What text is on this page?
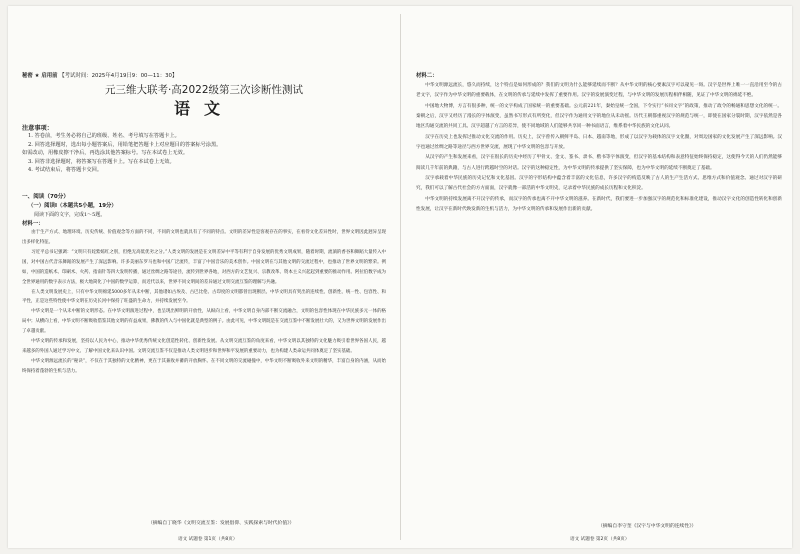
秘密 ★ 启用前 【考试时间：2025年4月19日9：00—11：30】
元三维大联考·高2022级第三次诊断性测试
语文
注意事项：

1. 答卷前，考生务必将自己的班级、姓名、考号填写在答题卡上。

2. 回答选择题时，选出每小题答案后，用铅笔把答题卡上对应题目的答案标号涂黑。

如需改动，用橡皮擦干净后，再选涂其他答案标号。写在本试卷上无效。

3. 回答非选择题时，将答案写在答题卡上。写在本试卷上无效。

4. 考试结束后，将答题卡交回。

一、阅读（70分）
（一）阅读Ⅰ（本题共5小题，19分）
阅读下面的文字，完成1～5题。
材料一：

由于生产方式、地理环境、历史传统、价值观念等方面的不同，不同的文明也就具有了不同的特点。文明的差异性是客观存在的事实，在看待文化差异性时，世界文明因此迥异呈现出多样化特征。

习近平总书记强调：“文明只有姹紫嫣红之别，但绝无高低优劣之分。”人类文明的发展是在文明差异中平等有利于自身发展的优秀文明成果，随着时期，流淌的香谷和舞蹈大量传入中国，对中国古代音乐舞蹈的发展产生了深远影响。许多美丽东罗马也和中国广泛流传，丰富了中国音乐的美术创作。中国文明在与其他文明的交流过程中，也推动了世界文明的繁荣。例如，中国的造纸术、印刷术、火药、指南针等四大发明传播，通过丝绸之路等途径，流传到世界各地，对西方的文艺复兴、宗教改革、资本主义兴起起到重要的推动作用。阿拉伯数字成为全世界通用的数字表示方法，极大地简化了中国的数学运算，而近代以来，世界不同文明间的差异通过文明交流互鉴的理解与共融。

在人类文明发展史上，只有中华文明绵延5000多年从未中断，其他诸如古埃及、古巴比伦、古印度的文明都曾出现断层。中华文明具有突出的连续性、创新性、统一性、包容性、和平性，正是这些特性使中华文明在历史长河中保持了旺盛的生命力，并持续发展至今。

中华文明是一个从未中断的文明形态。在中华文明演进过程中，也呈现出鲜明的开放性，从纵向上看，中华文明自身内部不断交流融合，文明的包容性体现在中华民族多元一体的格局中；从横向上看，中华文明不断吸收借鉴其他文明的有益成果，佛教的传入与中国化就是典型的例子。由此可见，中华文明既是在交流互鉴中不断发展壮大的，又为世界文明的发展作出了卓越贡献。

中华文明的传承和发展，坚持以人民为中心，推动中华优秀传统文化创造性转化、创新性发展。从文明交流互鉴的角度来看，中华文明以其独特的文化魅力吸引着世界各国人民，越来越多的外国人通过学习中文、了解中国文化来认识中国。文明交流互鉴不仅是推动人类文明进步和世界和平发展的重要动力，也为构建人类命运共同体奠定了坚实基础。

中华文明源远流长的“秘诀”，不仅在于其独特的文化精神，更在于其兼收并蓄的开放胸怀。在不同文明的交流碰撞中，中华文明不断吸收外来文明的精华，丰富自身的内涵，从而始终保持着蓬勃的生机与活力。

（摘编自丁晓华《文明交流互鉴：发展倡仰、实践探索与时代价值》）
语文 试题卷 第1页（共8页）
材料二：

中华文明源远流长，悠久而持续，这个特点是如何形成的？我们的文明为什么能够延续而不断？从中华文明的核心要素汉字可以窥见一斑。汉字是世界上唯一一直沿用至今的古老文字，汉字作为中华文明的重要载体，在文明的传承与延续中发挥了重要作用。汉字的发展演变过程，与中华文明的发展历程相伴相随，见证了中华文明的绵延不绝。

中国地大物博，方言有很多种，统一的文字构成了国家统一的重要基础。公元前221年，秦始皇统一全国，下令实行“书同文字”的政策，推动了政令的畅通和思想文化的统一。秦朝之后，汉字又经历了漫长的字体演变，虽然书写形式有所变化，但汉字作为通用文字的地位从未动摇。历代王朝都重视汉字的规范与统一，即使在国家分裂时期，汉字依然是各地区沟通交流的共同工具。汉字超越了方言的差异，使不同地域的人们能够共享同一种书面语言，维系着中华民族的文化认同。

汉字在历史上也发挥过推动文化交流的作用。历史上，汉字曾传入朝鲜半岛、日本、越南等地，形成了以汉字为载体的汉字文化圈，对周边国家的文化发展产生了深远影响。汉字也通过丝绸之路等途径与西方世界交流，展现了中华文明的包容与开放。

从汉字的产生和发展来看，汉字在很长的历史中经历了甲骨文、金文、篆书、隶书、楷书等字体演变，但汉字的基本结构和表意特征始终保持稳定，这使得今天的人们仍然能够阅读几千年前的典籍，与古人进行跨越时空的对话。汉字的这种稳定性，为中华文明的传承提供了坚实保障，也为中华文明的延续不断奠定了基础。

汉字承载着中华民族的历史记忆和文化基因。汉字的字形结构中蕴含着丰富的文化信息，许多汉字的构造反映了古人的生产生活方式、思维方式和价值观念。通过对汉字的研究，我们可以了解古代社会的方方面面，汉字就像一部活的中华文明史，记录着中华民族的成长历程和文化积淀。

中华文明的持续发展离不开汉字的传承，而汉字的传承也离不开中华文明的滋养。在新时代，我们要进一步加强汉字的规范化和标准化建设，推动汉字文化的创造性转化和创新性发展，让汉字在新时代焕发新的生机与活力，为中华文明的传承和发展作出新的贡献。

（摘编自李守奎《汉字与中华文明的连续性》）
语文 试题卷 第2页（共8页）
